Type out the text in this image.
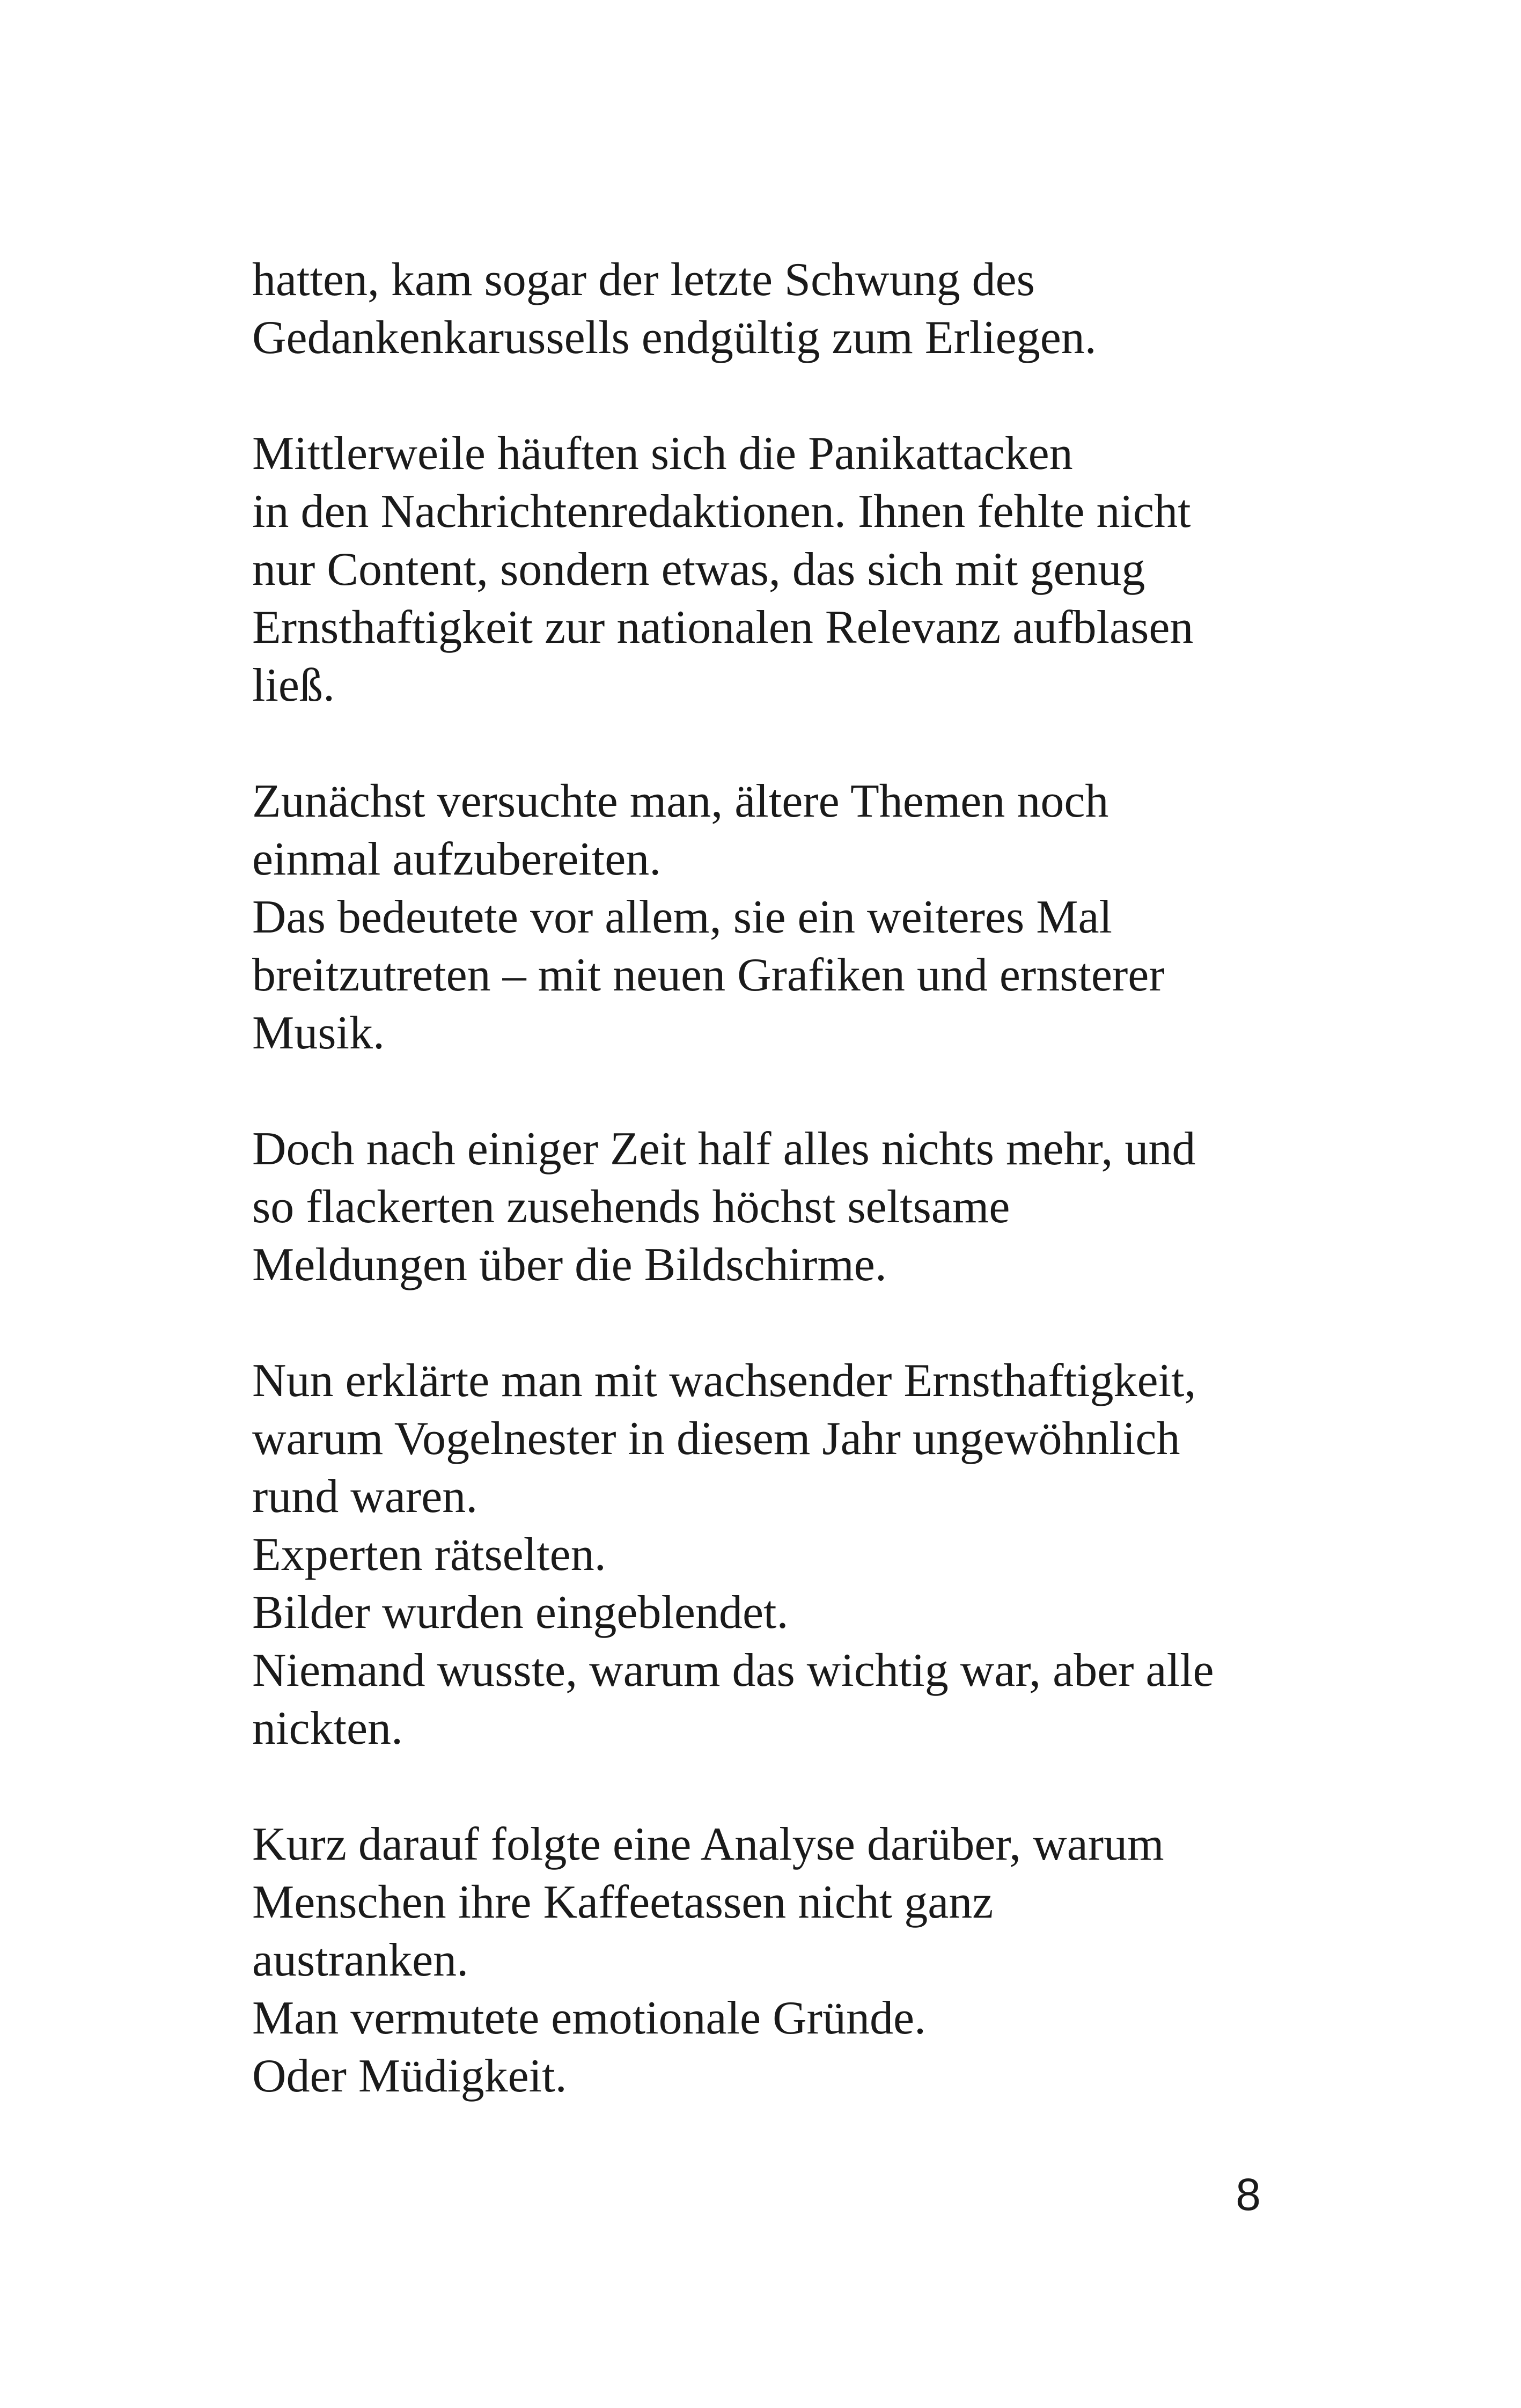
hatten, kam sogar der letzte Schwung des
Gedankenkarussells endgültig zum Erliegen.

Mittlerweile häuften sich die Panikattacken
in den Nachrichtenredaktionen. Ihnen fehlte nicht
nur Content, sondern etwas, das sich mit genug
Ernsthaftigkeit zur nationalen Relevanz aufblasen
ließ.

Zunächst versuchte man, ältere Themen noch
einmal aufzubereiten.
Das bedeutete vor allem, sie ein weiteres Mal
breitzutreten – mit neuen Grafiken und ernsterer
Musik.

Doch nach einiger Zeit half alles nichts mehr, und
so flackerten zusehends höchst seltsame
Meldungen über die Bildschirme.

Nun erklärte man mit wachsender Ernsthaftigkeit,
warum Vogelnester in diesem Jahr ungewöhnlich
rund waren.
Experten rätselten.
Bilder wurden eingeblendet.
Niemand wusste, warum das wichtig war, aber alle
nickten.

Kurz darauf folgte eine Analyse darüber, warum
Menschen ihre Kaffeetassen nicht ganz
austranken.
Man vermutete emotionale Gründe.
Oder Müdigkeit.

8
